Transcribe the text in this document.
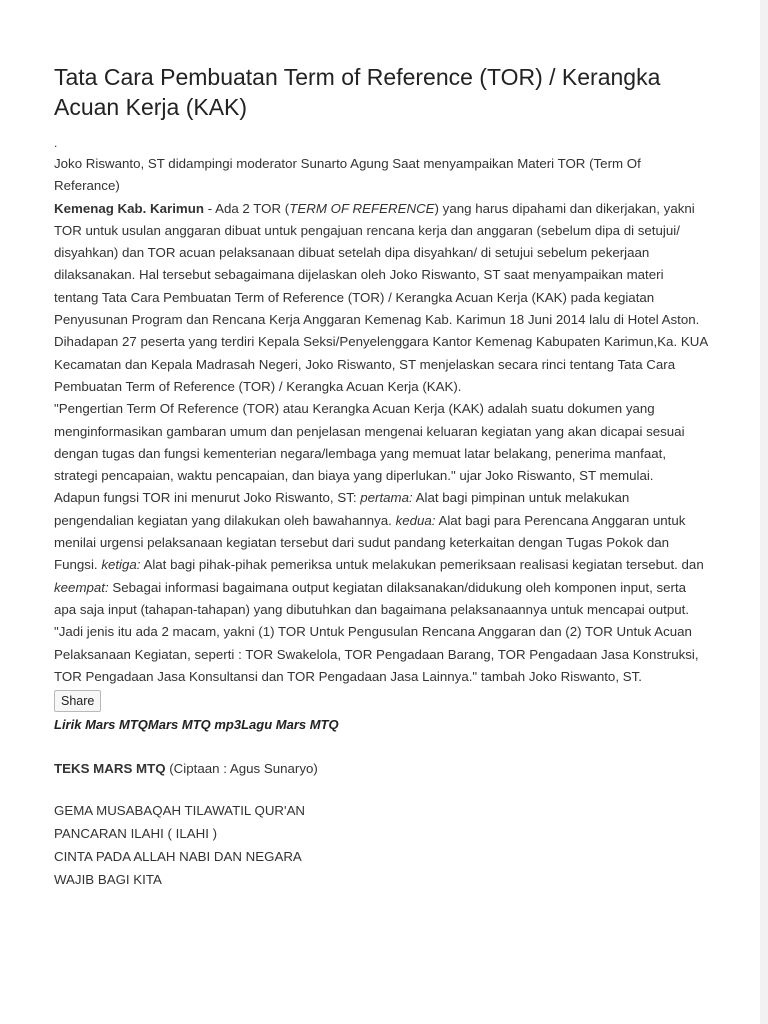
Tata Cara Pembuatan Term of Reference (TOR) / Kerangka Acuan Kerja (KAK)
.

Joko Riswanto, ST didampingi moderator Sunarto Agung Saat menyampaikan Materi TOR (Term Of Referance)

Kemenag Kab. Karimun - Ada 2 TOR (TERM OF REFERENCE) yang harus dipahami dan dikerjakan, yakni TOR untuk usulan anggaran dibuat untuk pengajuan rencana kerja dan anggaran (sebelum dipa di setujui/ disyahkan) dan TOR acuan pelaksanaan dibuat setelah dipa disyahkan/ di setujui sebelum pekerjaan dilaksanakan. Hal tersebut sebagaimana dijelaskan oleh Joko Riswanto, ST saat menyampaikan materi tentang Tata Cara Pembuatan Term of Reference (TOR) / Kerangka Acuan Kerja (KAK) pada kegiatan Penyusunan Program dan Rencana Kerja Anggaran Kemenag Kab. Karimun 18 Juni 2014 lalu di Hotel Aston.

Dihadapan 27 peserta yang terdiri Kepala Seksi/Penyelenggara Kantor Kemenag Kabupaten Karimun,Ka. KUA Kecamatan dan Kepala Madrasah Negeri, Joko Riswanto, ST menjelaskan secara rinci tentang Tata Cara Pembuatan Term of Reference (TOR) / Kerangka Acuan Kerja (KAK).

"Pengertian Term Of Reference (TOR) atau Kerangka Acuan Kerja (KAK) adalah suatu dokumen yang menginformasikan gambaran umum dan penjelasan mengenai keluaran kegiatan yang akan dicapai sesuai dengan tugas dan fungsi kementerian negara/lembaga yang memuat latar belakang, penerima manfaat, strategi pencapaian, waktu pencapaian, dan biaya yang diperlukan." ujar Joko Riswanto, ST memulai.

Adapun fungsi TOR ini menurut Joko Riswanto, ST: pertama: Alat bagi pimpinan untuk melakukan pengendalian kegiatan yang dilakukan oleh bawahannya. kedua: Alat bagi para Perencana Anggaran untuk menilai urgensi pelaksanaan kegiatan tersebut dari sudut pandang keterkaitan dengan Tugas Pokok dan Fungsi. ketiga: Alat bagi pihak-pihak pemeriksa untuk melakukan pemeriksaan realisasi kegiatan tersebut. dan keempat: Sebagai informasi bagaimana output kegiatan dilaksanakan/didukung oleh komponen input, serta apa saja input (tahapan-tahapan) yang dibutuhkan dan bagaimana pelaksanaannya untuk mencapai output.

"Jadi jenis itu ada 2 macam, yakni (1) TOR Untuk Pengusulan Rencana Anggaran dan (2) TOR Untuk Acuan Pelaksanaan Kegiatan, seperti : TOR Swakelola, TOR Pengadaan Barang, TOR Pengadaan Jasa Konstruksi, TOR Pengadaan Jasa Konsultansi dan TOR Pengadaan Jasa Lainnya." tambah Joko Riswanto, ST.

Share
Lirik Mars MTQMars MTQ mp3Lagu Mars MTQ

TEKS MARS MTQ (Ciptaan : Agus Sunaryo)

GEMA MUSABAQAH TILAWATIL QUR'AN

PANCARAN ILAHI ( ILAHI )

CINTA PADA ALLAH NABI DAN NEGARA

WAJIB BAGI KITA
